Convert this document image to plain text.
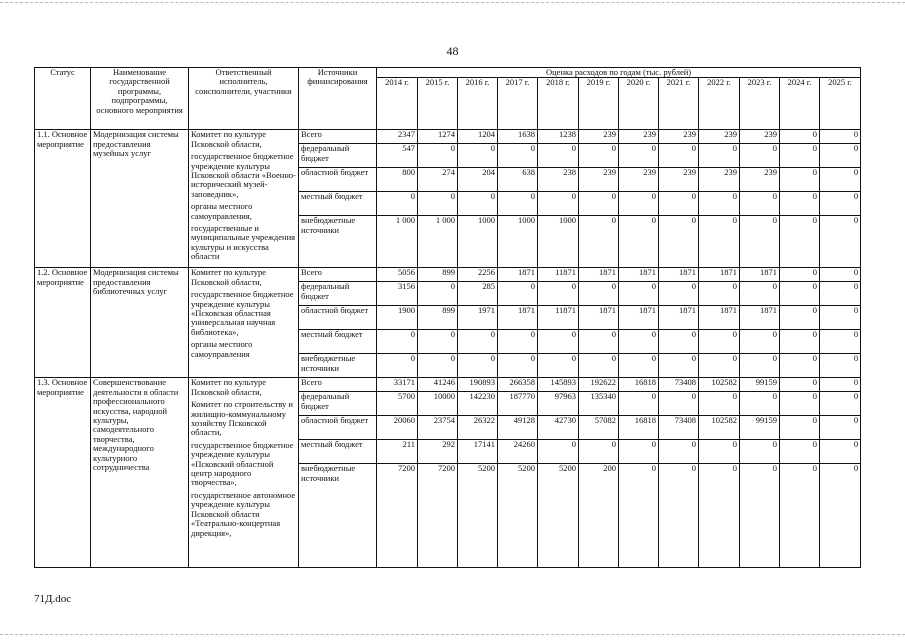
48
Статус	Наименование государственной программы, подпрограммы, основного мероприятия	Ответственный исполнитель, соисполнители, участники	Источники финансирования	Оценка расходов по годам (тыс. рублей)											
				2014 г.	2015 г.	2016 г.	2017 г.	2018 г.	2019 г.	2020 г.	2021 г.	2022 г.	2023 г.	2024 г.	2025 г.
1.1. Основное мероприятие	Модернизация системы предоставления музейных услуг	Комитет по культуре Псковской области,
государственное бюджетное учреждение культуры Псковской области «Военно-исторический музей-заповедник»,
органы местного самоуправления,
государственные и муниципальные учреждения культуры и искусства области	Всего	2347	1274	1204	1638	1238	239	239	239	239	239	0	0
			федеральный бюджет	547	0	0	0	0	0	0	0	0	0	0	0
			областной бюджет	800	274	204	638	238	239	239	239	239	239	0	0
			местный бюджет	0	0	0	0	0	0	0	0	0	0	0	0
			внебюджетные источники	1 000	1 000	1000	1000	1000	0	0	0	0	0	0	0
1.2. Основное мероприятие	Модернизация системы предоставления библиотечных услуг	Комитет по культуре Псковской области,
государственное бюджетное учреждение культуры «Псковская областная универсальная научная библиотека»,
органы местного самоуправления	Всего	5056	899	2256	1871	11871	1871	1871	1871	1871	1871	0	0
			федеральный бюджет	3156	0	285	0	0	0	0	0	0	0	0	0
			областной бюджет	1900	899	1971	1871	11871	1871	1871	1871	1871	1871	0	0
			местный бюджет	0	0	0	0	0	0	0	0	0	0	0	0
			внебюджетные источники	0	0	0	0	0	0	0	0	0	0	0	0
1.3. Основное мероприятие	Совершенствование деятельности в области профессионального искусства, народной культуры, самодеятельного творчества, международного культурного сотрудничества	Комитет по культуре Псковской области,
Комитет по строительству и жилищно-коммунальному хозяйству Псковской области,
государственное бюджетное учреждение культуры «Псковский областной центр народного творчества»,
государственное автономное учреждение культуры Псковской области «Театрально-концертная дирекция»,	Всего	33171	41246	190893	266358	145893	192622	16818	73408	102582	99159	0	0
			федеральный бюджет	5700	10000	142230	187770	97963	135340	0	0	0	0	0	0
			областной бюджет	20060	23754	26322	49128	42730	57082	16818	73408	102582	99159	0	0
			местный бюджет	211	292	17141	24260	0	0	0	0	0	0	0	0
			внебюджетные источники	7200	7200	5200	5200	5200	200	0	0	0	0	0	0
71Д.doc
